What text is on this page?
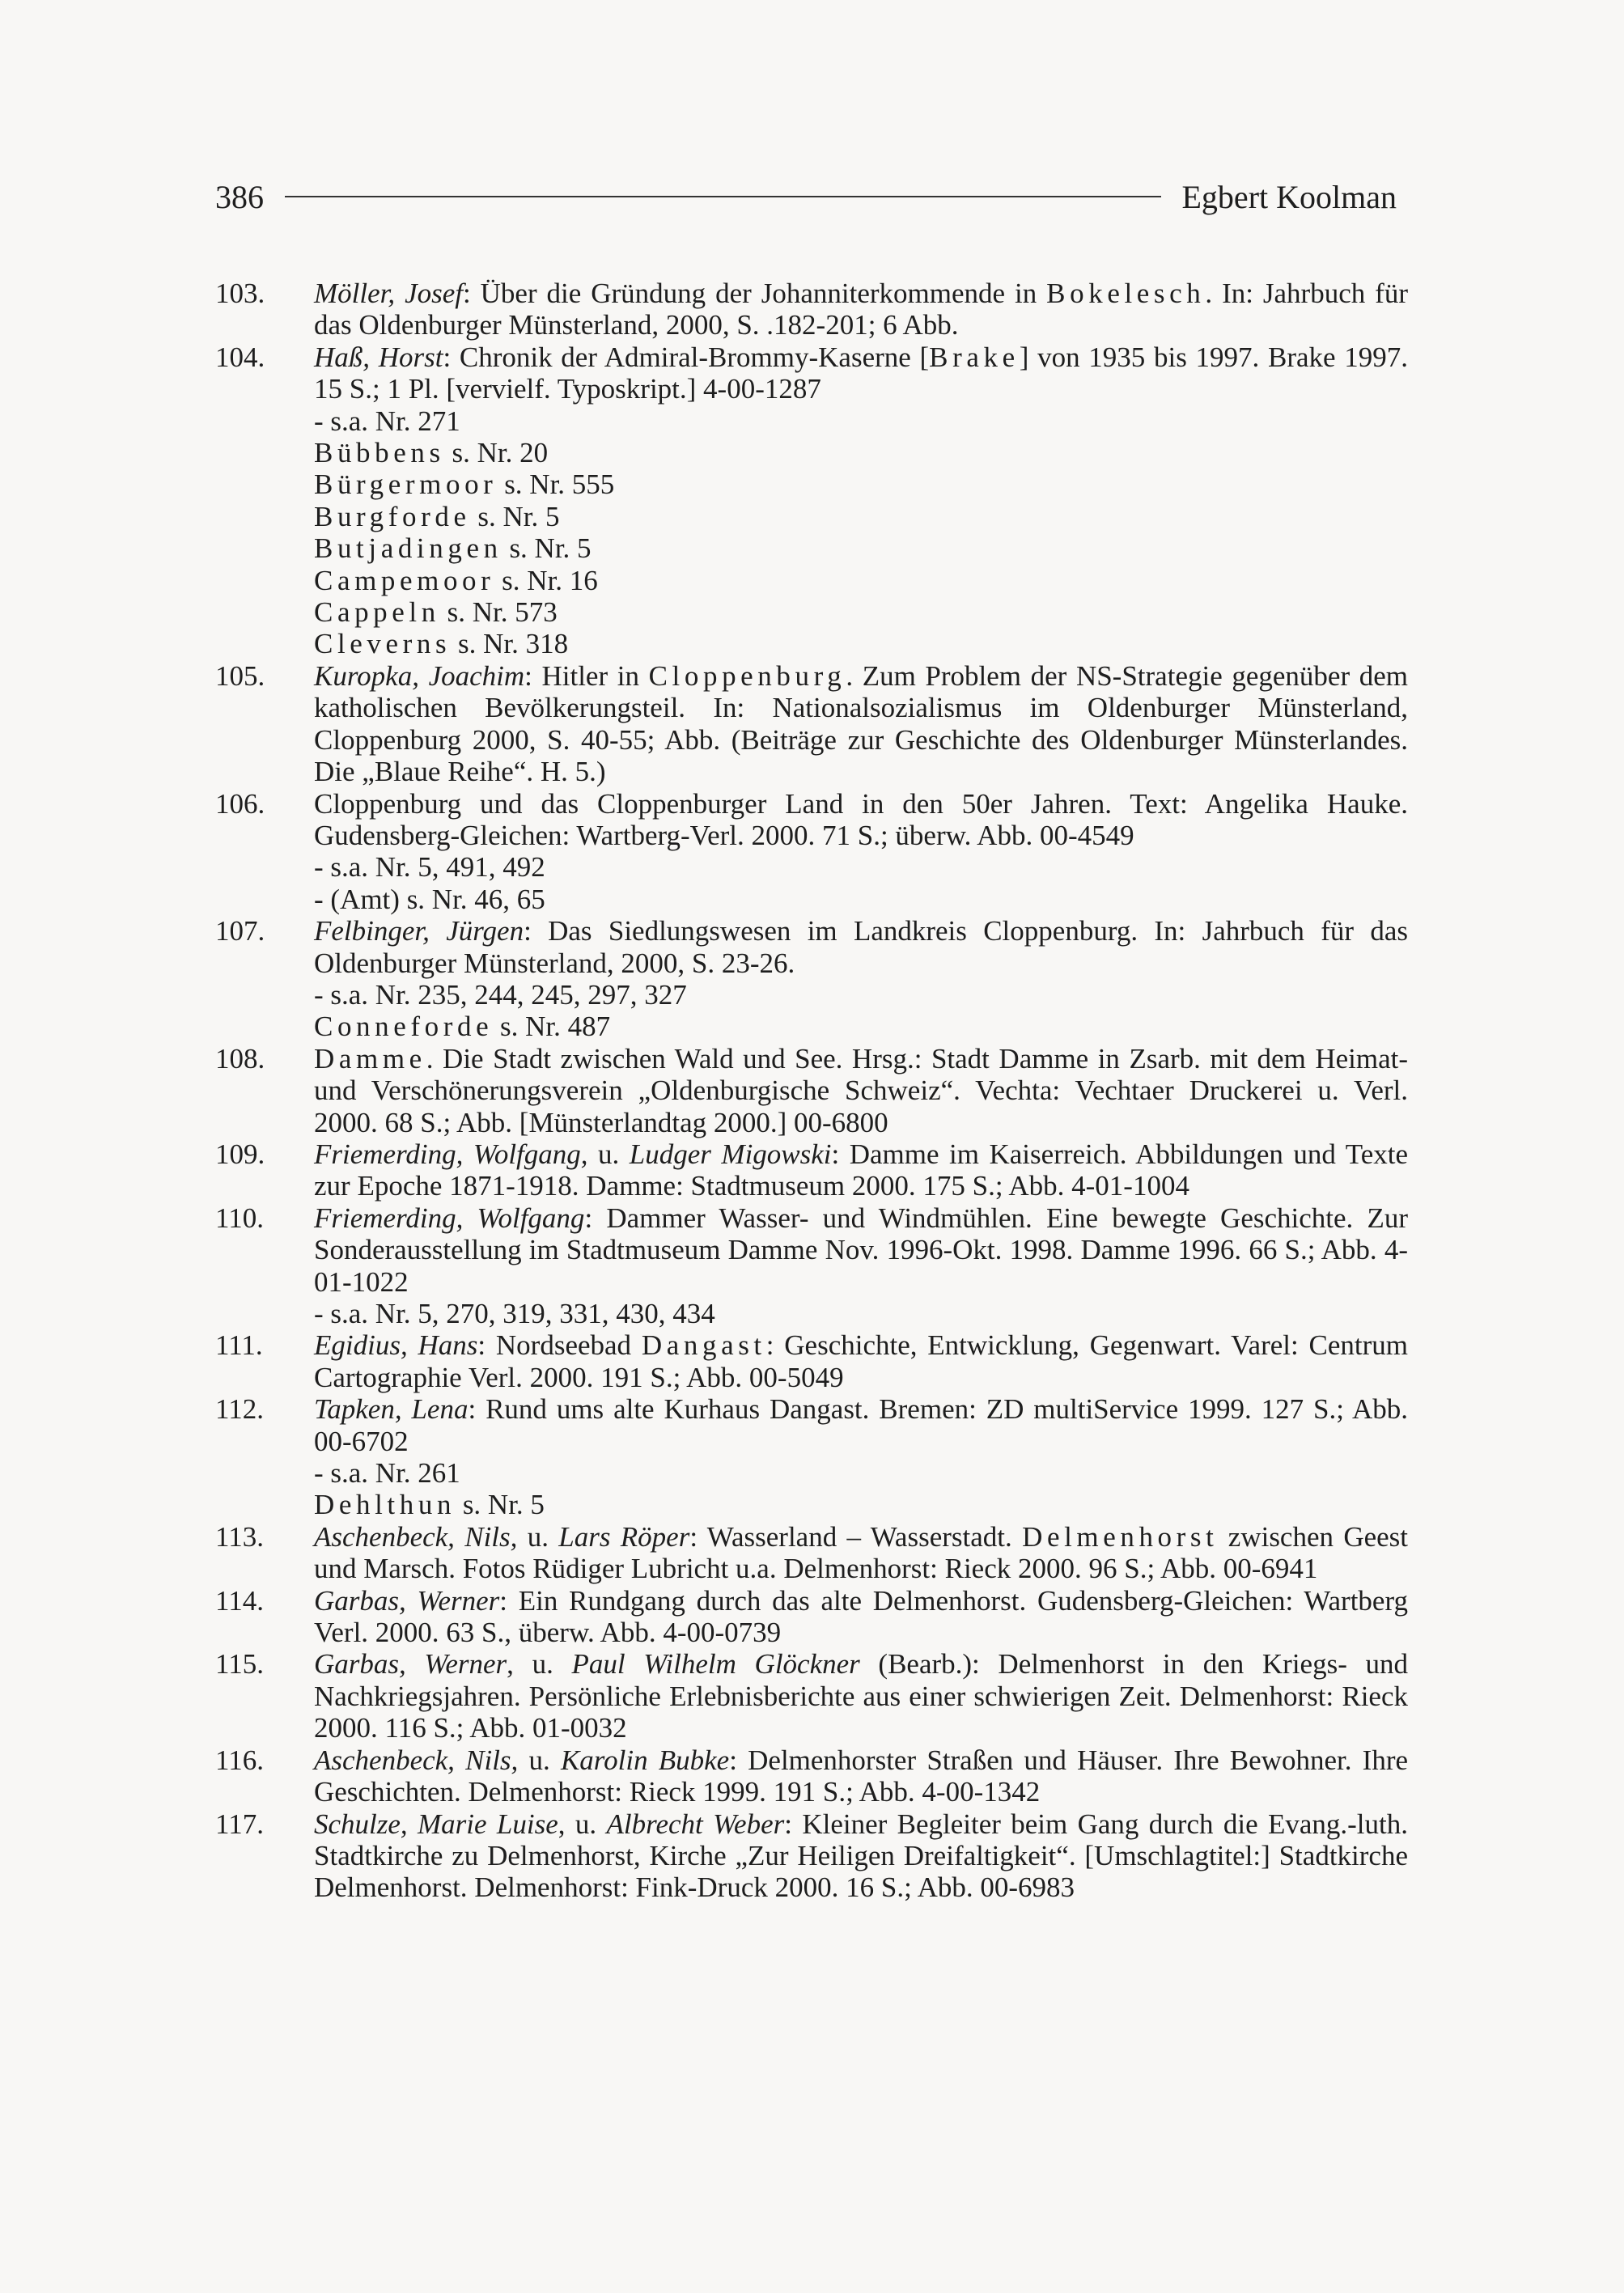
386	Egbert Koolman
103.	Möller, Josef: Über die Gründung der Johanniterkommende in Bokelesch. In: Jahrbuch für das Oldenburger Münsterland, 2000, S. .182-201; 6 Abb.
104.	Haß, Horst: Chronik der Admiral-Brommy-Kaserne [Brake] von 1935 bis 1997. Brake 1997. 15 S.; 1 Pl. [vervielf. Typoskript.] 4-00-1287
- s.a. Nr. 271
Bübbens s. Nr. 20
Bürgermoor s. Nr. 555
Burgforde s. Nr. 5
Butjadingen s. Nr. 5
Campemoor s. Nr. 16
Cappeln s. Nr. 573
Cleverns s. Nr. 318
105.	Kuropka, Joachim: Hitler in Cloppenburg. Zum Problem der NS-Strategie gegenüber dem katholischen Bevölkerungsteil. In: Nationalsozialismus im Oldenburger Münsterland, Cloppenburg 2000, S. 40-55; Abb. (Beiträge zur Geschichte des Oldenburger Münsterlandes. Die „Blaue Reihe“. H. 5.)
106.	Cloppenburg und das Cloppenburger Land in den 50er Jahren. Text: Angelika Hauke. Gudensberg-Gleichen: Wartberg-Verl. 2000. 71 S.; überw. Abb. 00-4549
- s.a. Nr. 5, 491, 492
- (Amt) s. Nr. 46, 65
107.	Felbinger, Jürgen: Das Siedlungswesen im Landkreis Cloppenburg. In: Jahrbuch für das Oldenburger Münsterland, 2000, S. 23-26.
- s.a. Nr. 235, 244, 245, 297, 327
Conneforde s. Nr. 487
108.	Damme. Die Stadt zwischen Wald und See. Hrsg.: Stadt Damme in Zsarb. mit dem Heimat- und Verschönerungsverein „Oldenburgische Schweiz“. Vechta: Vechtaer Druckerei u. Verl. 2000. 68 S.; Abb. [Münsterlandtag 2000.] 00-6800
109.	Friemerding, Wolfgang, u. Ludger Migowski: Damme im Kaiserreich. Abbildungen und Texte zur Epoche 1871-1918. Damme: Stadtmuseum 2000. 175 S.; Abb. 4-01-1004
110.	Friemerding, Wolfgang: Dammer Wasser- und Windmühlen. Eine bewegte Geschichte. Zur Sonderausstellung im Stadtmuseum Damme Nov. 1996-Okt. 1998. Damme 1996. 66 S.; Abb. 4-01-1022
- s.a. Nr. 5, 270, 319, 331, 430, 434
111.	Egidius, Hans: Nordseebad Dangast: Geschichte, Entwicklung, Gegenwart. Varel: Centrum Cartographie Verl. 2000. 191 S.; Abb. 00-5049
112.	Tapken, Lena: Rund ums alte Kurhaus Dangast. Bremen: ZD multiService 1999. 127 S.; Abb. 00-6702
- s.a. Nr. 261
Dehlthun s. Nr. 5
113.	Aschenbeck, Nils, u. Lars Röper: Wasserland – Wasserstadt. Delmenhorst zwischen Geest und Marsch. Fotos Rüdiger Lubricht u.a. Delmenhorst: Rieck 2000. 96 S.; Abb. 00-6941
114.	Garbas, Werner: Ein Rundgang durch das alte Delmenhorst. Gudensberg-Gleichen: Wartberg Verl. 2000. 63 S., überw. Abb. 4-00-0739
115.	Garbas, Werner, u. Paul Wilhelm Glöckner (Bearb.): Delmenhorst in den Kriegs- und Nachkriegsjahren. Persönliche Erlebnisberichte aus einer schwierigen Zeit. Delmenhorst: Rieck 2000. 116 S.; Abb. 01-0032
116.	Aschenbeck, Nils, u. Karolin Bubke: Delmenhorster Straßen und Häuser. Ihre Bewohner. Ihre Geschichten. Delmenhorst: Rieck 1999. 191 S.; Abb. 4-00-1342
117.	Schulze, Marie Luise, u. Albrecht Weber: Kleiner Begleiter beim Gang durch die Evang.-luth. Stadtkirche zu Delmenhorst, Kirche „Zur Heiligen Dreifaltigkeit“. [Umschlagtitel:] Stadtkirche Delmenhorst. Delmenhorst: Fink-Druck 2000. 16 S.; Abb. 00-6983
